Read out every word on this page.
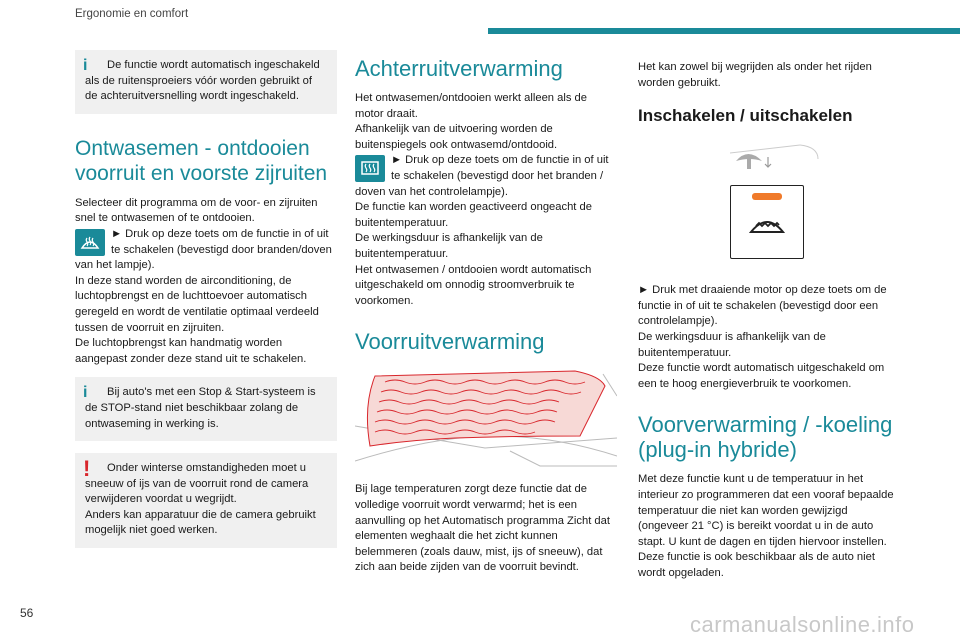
Ergonomie en comfort
i	De functie wordt automatisch ingeschakeld als de ruitensproeiers vóór worden gebruikt of de achteruitversnelling wordt ingeschakeld.
Ontwasemen - ontdooien voorruit en voorste zijruiten

Selecteer dit programma om de voor- en zijruiten snel te ontwasemen of te ontdooien.

► Druk op deze toets om de functie in of uit te schakelen (bevestigd door branden/doven van het lampje).

In deze stand worden de airconditioning, de luchtopbrengst en de luchttoevoer automatisch geregeld en wordt de ventilatie optimaal verdeeld tussen de voorruit en zijruiten.

De luchtopbrengst kan handmatig worden aangepast zonder deze stand uit te schakelen.

i	Bij auto's met een Stop & Start-systeem is de STOP-stand niet beschikbaar zolang de ontwaseming in werking is.
!	Onder winterse omstandigheden moet u sneeuw of ijs van de voorruit rond de camera verwijderen voordat u wegrijdt.
Anders kan apparatuur die de camera gebruikt mogelijk niet goed werken.
Achterruitverwarming

Het ontwasemen/ontdooien werkt alleen als de motor draait.

Afhankelijk van de uitvoering worden de buitenspiegels ook ontwasemd/ontdooid.

► Druk op deze toets om de functie in of uit te schakelen (bevestigd door het branden / doven van het controlelampje).

De functie kan worden geactiveerd ongeacht de buitentemperatuur.

De werkingsduur is afhankelijk van de buitentemperatuur.

Het ontwasemen / ontdooien wordt automatisch uitgeschakeld om onnodig stroomverbruik te voorkomen.

Voorruitverwarming

Bij lage temperaturen zorgt deze functie dat de volledige voorruit wordt verwarmd; het is een aanvulling op het Automatisch programma Zicht dat elementen weghaalt die het zicht kunnen belemmeren (zoals dauw, mist, ijs of sneeuw), dat zich aan beide zijden van de voorruit bevindt.

Het kan zowel bij wegrijden als onder het rijden worden gebruikt.

Inschakelen / uitschakelen

► Druk met draaiende motor op deze toets om de functie in of uit te schakelen (bevestigd door een controlelampje).

De werkingsduur is afhankelijk van de buitentemperatuur.

Deze functie wordt automatisch uitgeschakeld om een te hoog energieverbruik te voorkomen.

Voorverwarming / -koeling (plug-in hybride)

Met deze functie kunt u de temperatuur in het interieur zo programmeren dat een vooraf bepaalde temperatuur die niet kan worden gewijzigd (ongeveer 21 °C) is bereikt voordat u in de auto stapt. U kunt de dagen en tijden hiervoor instellen. Deze functie is ook beschikbaar als de auto niet wordt opgeladen.

56	carmanualsonline.info
